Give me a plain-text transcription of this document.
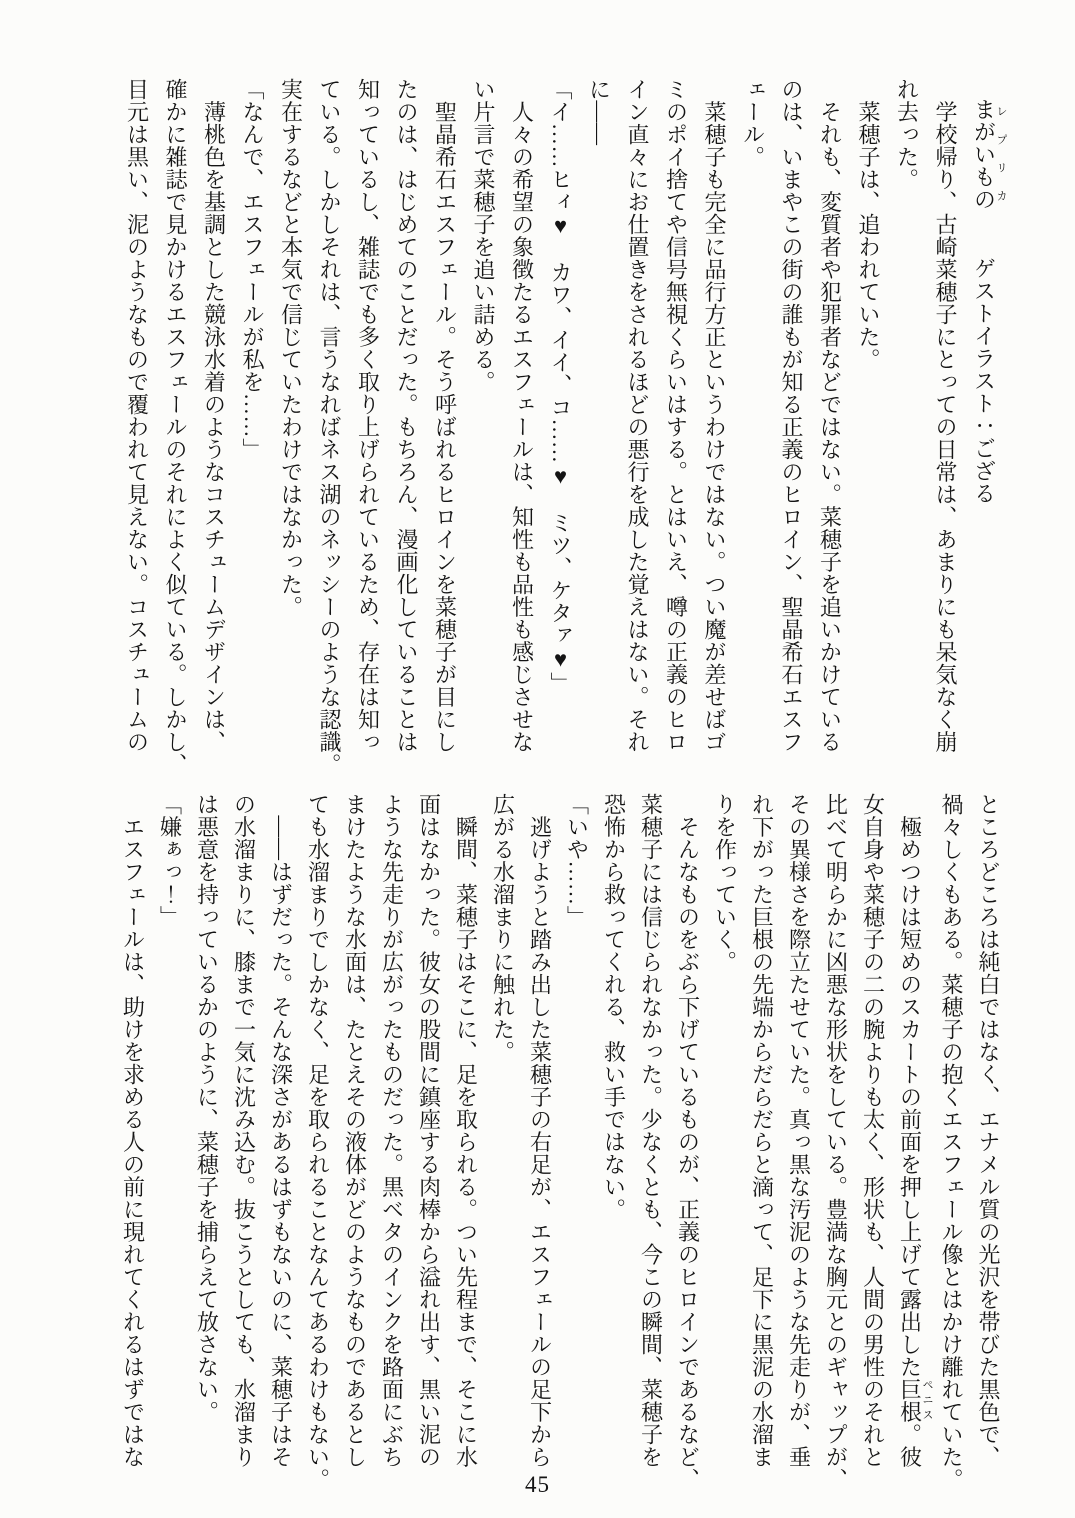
まがいものレプリカゲストイラスト：ござる
　学校帰り、古崎菜穂子にとっての日常は、あまりにも呆気なく崩
れ去った。
　菜穂子は、追われていた。
　それも、変質者や犯罪者などではない。菜穂子を追いかけている
のは、いまやこの街の誰もが知る正義のヒロイン、聖晶希石エスフ
ェール。
　菜穂子も完全に品行方正というわけではない。つい魔が差せばゴ
ミのポイ捨てや信号無視くらいはする。とはいえ、噂の正義のヒロ
イン直々にお仕置きをされるほどの悪行を成した覚えはない。それ
に――
「イ……ヒィ♥　カワ、イイ、コ……♥　ミツ、ケタァ♥」
　人々の希望の象徴たるエスフェールは、知性も品性も感じさせな
い片言で菜穂子を追い詰める。
　聖晶希石エスフェール。そう呼ばれるヒロインを菜穂子が目にし
たのは、はじめてのことだった。もちろん、漫画化していることは
知っているし、雑誌でも多く取り上げられているため、存在は知っ
ている。しかしそれは、言うなればネス湖のネッシーのような認識。
実在するなどと本気で信じていたわけではなかった。
「なんで、エスフェールが私を……」
　薄桃色を基調とした競泳水着のようなコスチュームデザインは、
確かに雑誌で見かけるエスフェールのそれによく似ている。しかし、
目元は黒い、泥のようなもので覆われて見えない。コスチュームの
ところどころは純白ではなく、エナメル質の光沢を帯びた黒色で、
禍々しくもある。菜穂子の抱くエスフェール像とはかけ離れていた。
　極めつけは短めのスカートの前面を押し上げて露出した巨根ペニス。彼
女自身や菜穂子の二の腕よりも太く、形状も、人間の男性のそれと
比べて明らかに凶悪な形状をしている。豊満な胸元とのギャップが、
その異様さを際立たせていた。真っ黒な汚泥のような先走りが、垂
れ下がった巨根の先端からだらだらと滴って、足下に黒泥の水溜ま
りを作っていく。
　そんなものをぶら下げているものが、正義のヒロインであるなど、
菜穂子には信じられなかった。少なくとも、今この瞬間、菜穂子を
恐怖から救ってくれる、救い手ではない。
「いや……」
　逃げようと踏み出した菜穂子の右足が、エスフェールの足下から
広がる水溜まりに触れた。
　瞬間、菜穂子はそこに、足を取られる。つい先程まで、そこに水
面はなかった。彼女の股間に鎮座する肉棒から溢れ出す、黒い泥の
ような先走りが広がったものだった。黒ベタのインクを路面にぶち
まけたような水面は、たとえその液体がどのようなものであるとし
ても水溜まりでしかなく、足を取られることなんてあるわけもない。
　――はずだった。そんな深さがあるはずもないのに、菜穂子はそ
の水溜まりに、膝まで一気に沈み込む。抜こうとしても、水溜まり
は悪意を持っているかのように、菜穂子を捕らえて放さない。
「嫌ぁっ！」
　エスフェールは、助けを求める人の前に現れてくれるはずではな
45
